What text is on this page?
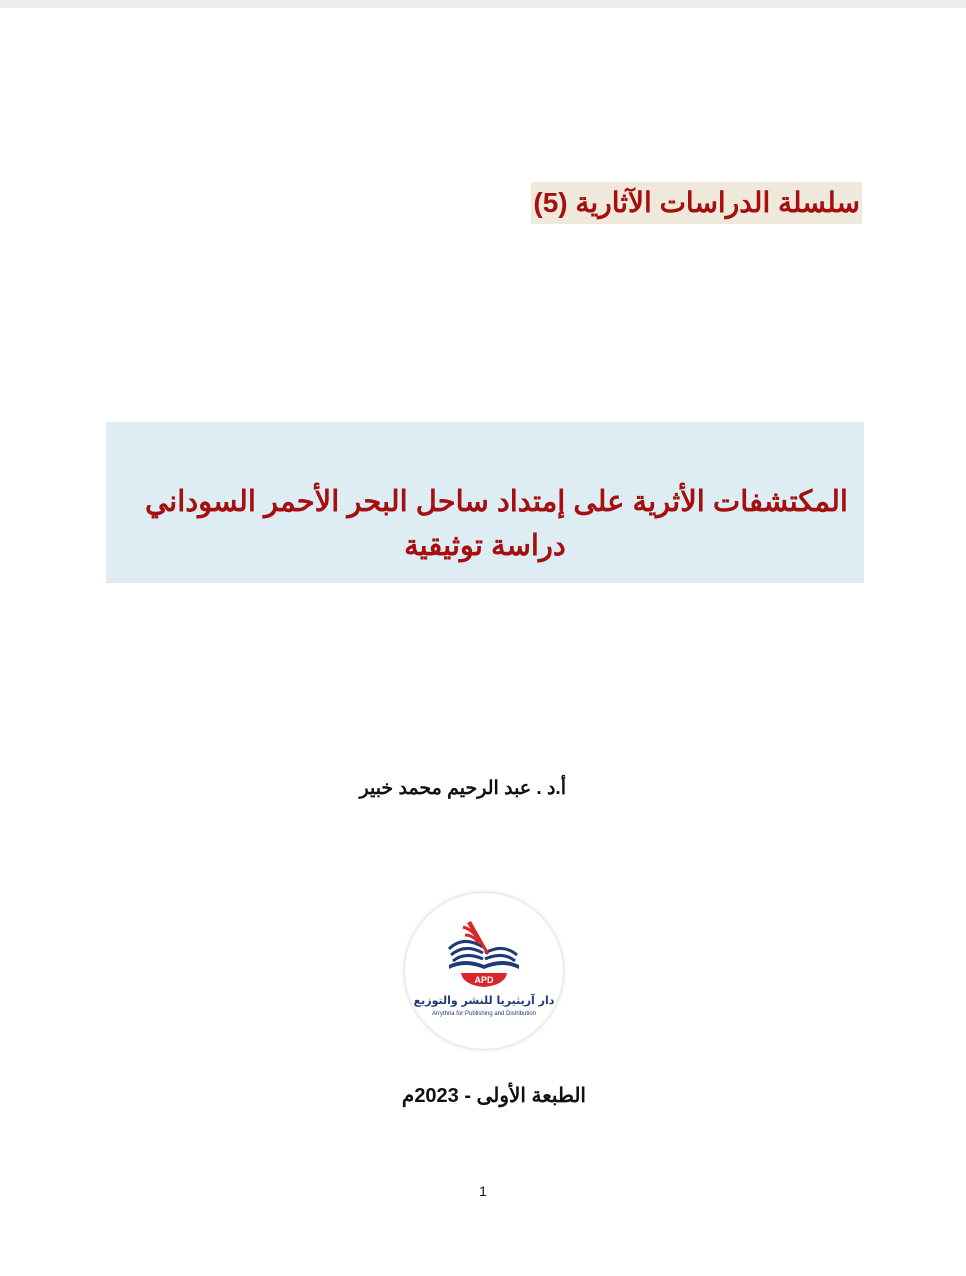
سلسلة الدراسات الآثارية (5)
المكتشفات الأثرية على إمتداد ساحل البحر الأحمر السوداني
دراسة توثيقية
أ.د . عبد الرحيم محمد خبير
APD
دار آريثيريا للنشر والتوزيع
Arrythria for Publishing and Distribution
الطبعة الأولى - 2023م
1
